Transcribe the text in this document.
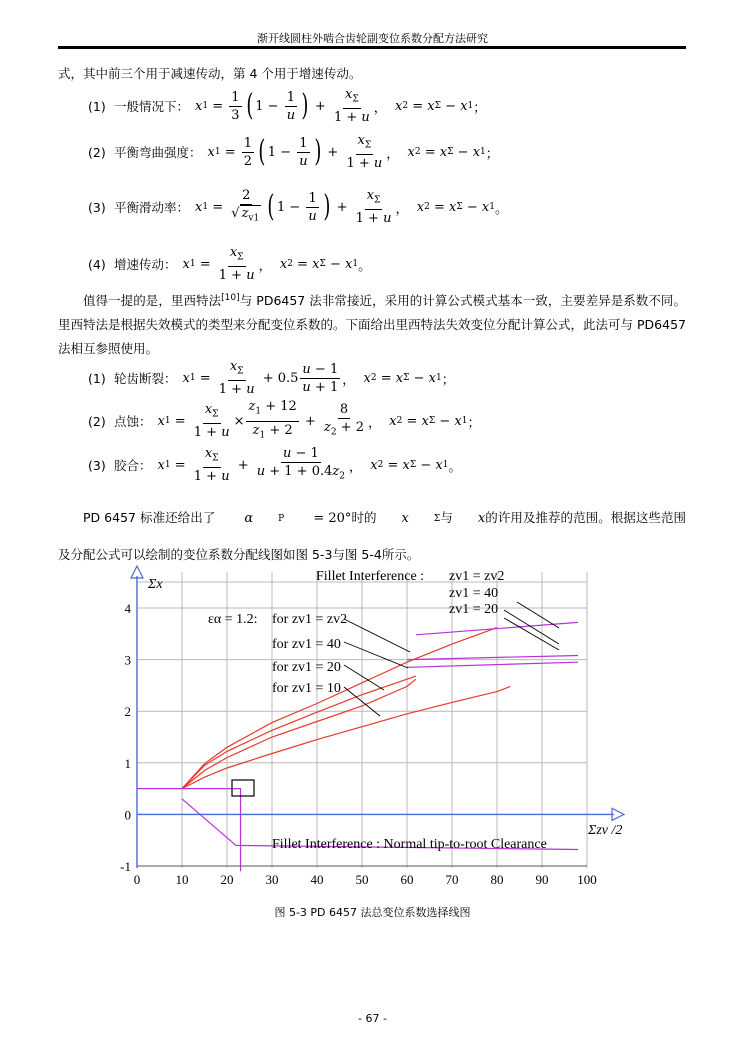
渐开线圆柱外啮合齿轮副变位系数分配方法研究
式，其中前三个用于减速传动，第 4 个用于增速传动。
(1) 一般情况下： x $1 = \frac{1}{3}$ ( $1 - \frac{1}{u}$ ) + $\frac{x_\Sigma}{1 + u}$ ， x 2 = x Σ − x 1 ；
(2) 平衡弯曲强度： x $1 = \frac{1}{2}$ ( $1 - \frac{1}{u}$ ) + $\frac{x_\Sigma}{1 + u}$ ， x 2 = x Σ − x 1 ；
(3) 平衡滑动率： x $1 = \frac{2}{√ z_{v1}}$ ( $1 - \frac{1}{u}$ ) + $\frac{x_\Sigma}{1 + u}$ ， x 2 = x Σ − x 1 。
(4) 增速传动： x $1 = \frac{x_\Sigma}{1 + u}$ ， x 2 = x Σ − x 1 。
值得一提的是，里西特法[10]与 PD6457 法非常接近，采用的计算公式模式基本一致，主要差异是系数不同。里西特法是根据失效模式的类型来分配变位系数的。下面给出里西特法失效变位分配计算公式，此法可与 PD6457 法相互参照使用。
(1) 轮齿断裂： x $1 = \frac{x_\Sigma}{1 + u} + 0.5 \frac{u - 1}{u + 1}$ ， x 2 = x Σ − x 1 ；
(2) 点蚀： x $1 = \frac{x_\Sigma}{1 + u} \times \frac{z_1 + 12}{z_1 + 2} + \frac{8}{z_2 + 2}$ ， x 2 = x Σ − x 1 ；
(3) 胶合： x $1 = \frac{x_\Sigma}{1 + u} + \frac{u - 1}{u + 1 + 0.4z_2}$ ， x 2 = x Σ − x 1 。
PD 6457 标准还给出了	α	P = 20°时的	x	Σ 与	x 的许用及推荐的范围。根据这些范围及分配公式可以绘制的变位系数分配线图如图 5-3与图 5-4所示。
0	10 20 30 40 50 60 70 80 90 100
-1
0
1
2
3
4
Fillet Interference : zv1 = zv2
zv1 = 40
zv1 = 20
εα = 1.2: for zv1 = zv2
for zv1 = 40
for zv1 = 20
for zv1 = 10
Fillet Interference : Normal tip-to-root Clearance
Σx
Σzv /2
图 5-3 PD 6457 法总变位系数选择线图
- 67 -
